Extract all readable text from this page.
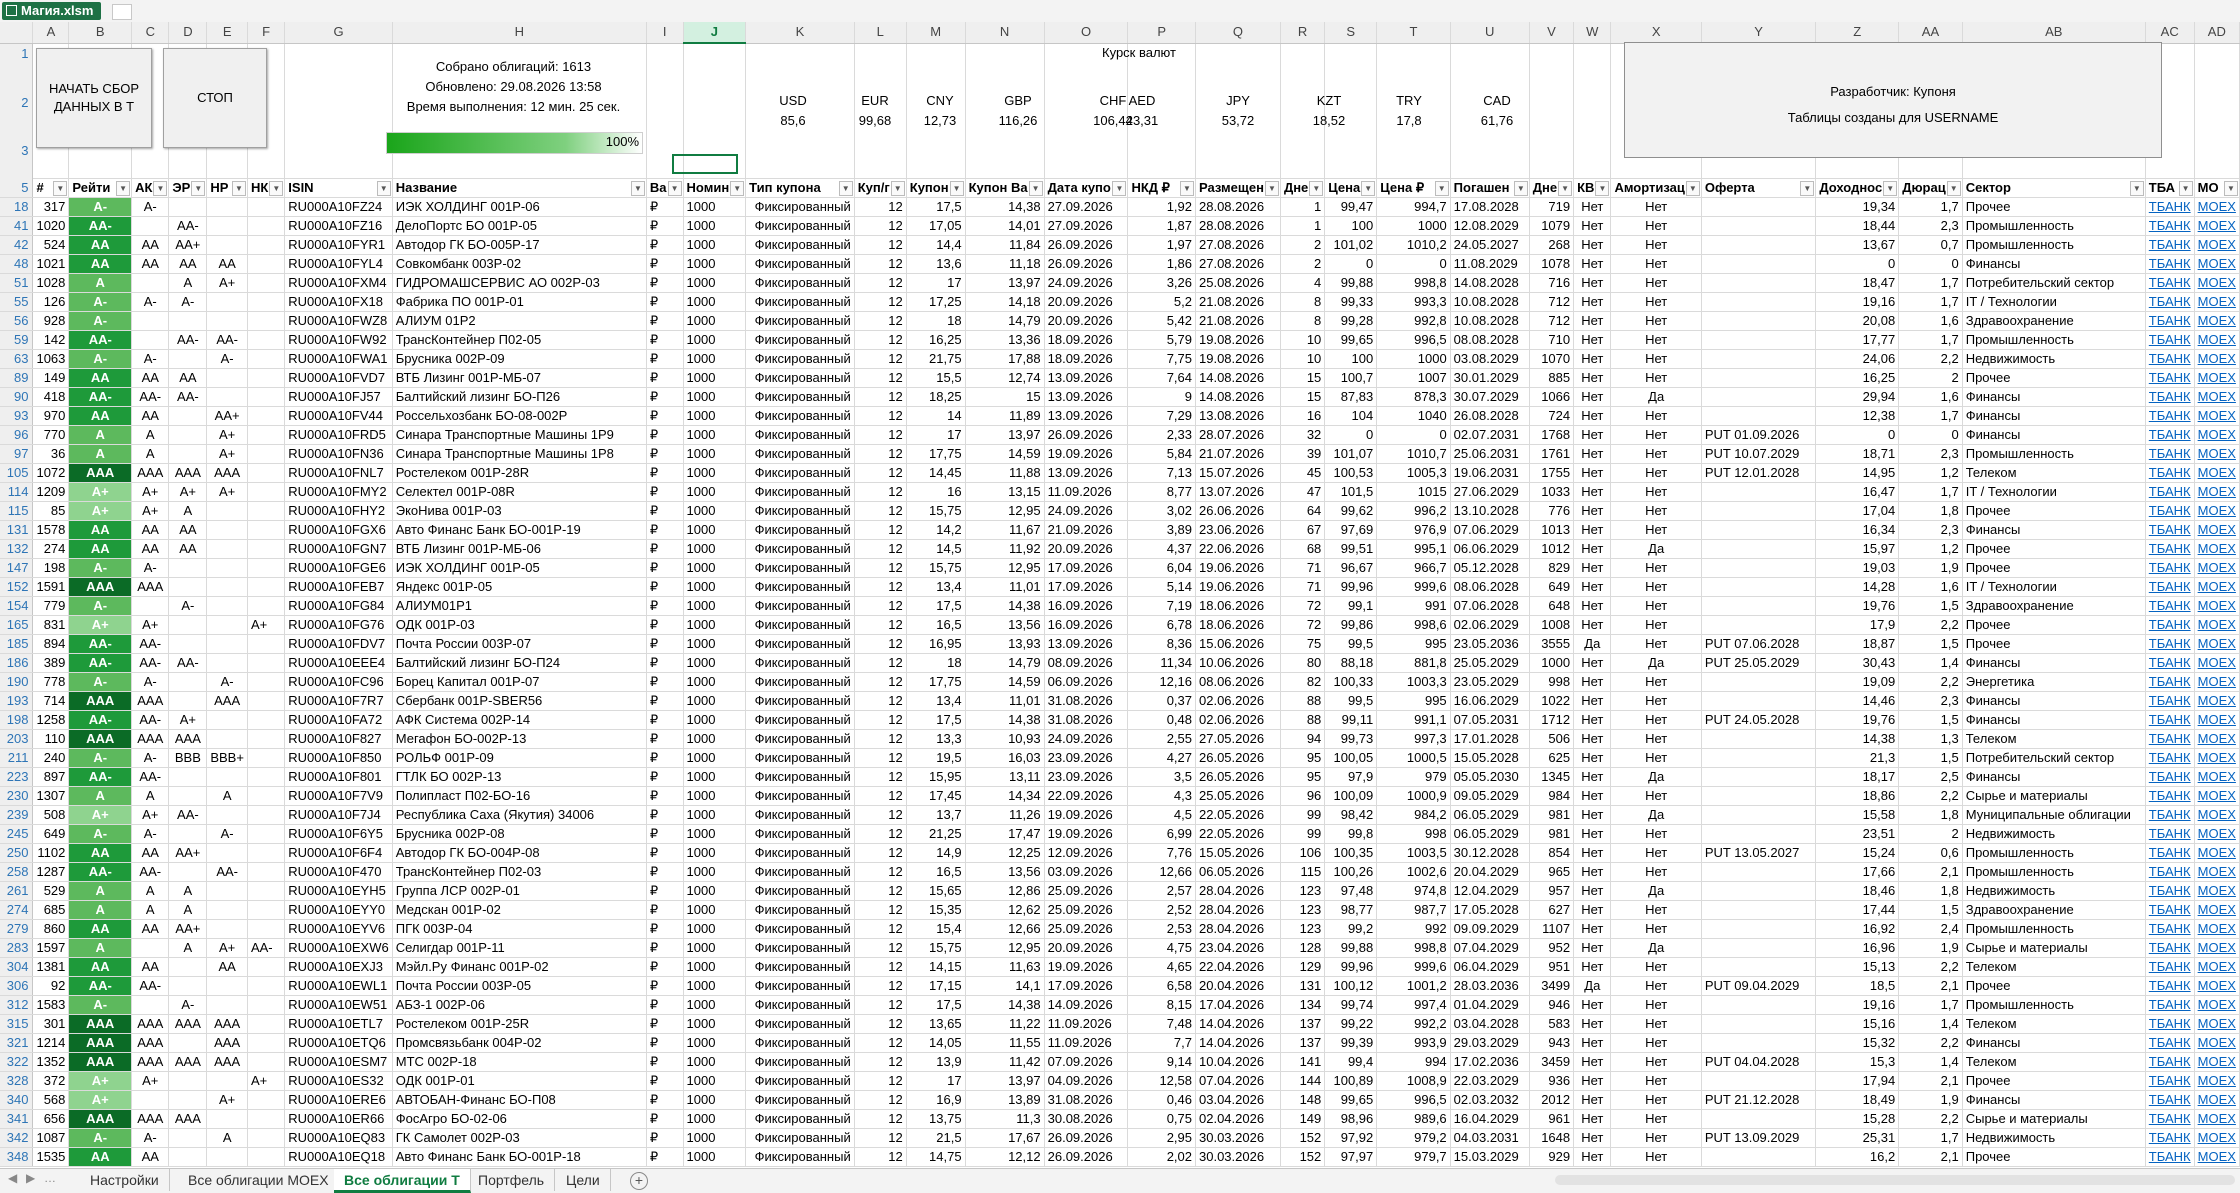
Магия.xlsm
	A	B	C	D	E	F	G	H	I	J	K	L	M	N	O	P	Q	R	S	T	U	V	W	X	Y	Z	AA	AB	AC	AD
1																														
2																														
3																														

5	# ▼	Рейти ▼	АК ▼	ЭР ▼	НР ▼	НК ▼	ISIN ▼	Название ▼	Ва ▼	Номин ▼	Тип купона ▼	Куп/г ▼	Купон ▼	Купон Ва ▼	Дата купо ▼	НКД ₽ ▼	Размещен ▼	Дне ▼	Цена ▼	Цена ₽ ▼	Погашен ▼	Дне ▼	КВ ▼	Амортизац ▼	Оферта ▼	Доходнос ▼	Дюрац ▼	Сектор ▼	ТБА ▼	МО ▼

18	317	A-	A-				RU000A10FZ24	ИЭК ХОЛДИНГ 001P-06	₽	1000	Фиксированный	12	17,5	14,38	27.09.2026	1,92	28.08.2026	1	99,47	994,7	17.08.2028	719	Нет	Нет		19,34	1,7	Прочее	ТБАНК	MOEX
41	1020	AA-		AA-			RU000A10FZ16	ДелоПортс БО 001P-05	₽	1000	Фиксированный	12	17,05	14,01	27.09.2026	1,87	28.08.2026	1	100	1000	12.08.2029	1079	Нет	Нет		18,44	2,3	Промышленность	ТБАНК	MOEX
42	524	AA	AA	AA+			RU000A10FYR1	Автодор ГК БО-005P-17	₽	1000	Фиксированный	12	14,4	11,84	26.09.2026	1,97	27.08.2026	2	101,02	1010,2	24.05.2027	268	Нет	Нет		13,67	0,7	Промышленность	ТБАНК	MOEX
48	1021	AA	AA	AA	AA		RU000A10FYL4	Совкомбанк 003P-02	₽	1000	Фиксированный	12	13,6	11,18	26.09.2026	1,86	27.08.2026	2	0	0	11.08.2029	1078	Нет	Нет		0	0	Финансы	ТБАНК	MOEX
51	1028	A		A	A+		RU000A10FXM4	ГИДРОМАШСЕРВИС АО 002P-03	₽	1000	Фиксированный	12	17	13,97	24.09.2026	3,26	25.08.2026	4	99,88	998,8	14.08.2028	716	Нет	Нет		18,47	1,7	Потребительский сектор	ТБАНК	MOEX
55	126	A-	A-	A-			RU000A10FX18	Фабрика ПО 001P-01	₽	1000	Фиксированный	12	17,25	14,18	20.09.2026	5,2	21.08.2026	8	99,33	993,3	10.08.2028	712	Нет	Нет		19,16	1,7	IT / Технологии	ТБАНК	MOEX
56	928	A-					RU000A10FWZ8	АЛИУМ 01P2	₽	1000	Фиксированный	12	18	14,79	20.09.2026	5,42	21.08.2026	8	99,28	992,8	10.08.2028	712	Нет	Нет		20,08	1,6	Здравоохранение	ТБАНК	MOEX
59	142	AA-		AA-	AA-		RU000A10FW92	ТрансКонтейнер П02-05	₽	1000	Фиксированный	12	16,25	13,36	18.09.2026	5,79	19.08.2026	10	99,65	996,5	08.08.2028	710	Нет	Нет		17,77	1,7	Промышленность	ТБАНК	MOEX
63	1063	A-	A-		A-		RU000A10FWA1	Брусника 002P-09	₽	1000	Фиксированный	12	21,75	17,88	18.09.2026	7,75	19.08.2026	10	100	1000	03.08.2029	1070	Нет	Нет		24,06	2,2	Недвижимость	ТБАНК	MOEX
89	149	AA	AA	AA			RU000A10FVD7	ВТБ Лизинг 001P-МБ-07	₽	1000	Фиксированный	12	15,5	12,74	13.09.2026	7,64	14.08.2026	15	100,7	1007	30.01.2029	885	Нет	Нет		16,25	2	Прочее	ТБАНК	MOEX
90	418	AA-	AA-	AA-			RU000A10FJ57	Балтийский лизинг БО-П26	₽	1000	Фиксированный	12	18,25	15	13.09.2026	9	14.08.2026	15	87,83	878,3	30.07.2029	1066	Нет	Да		29,94	1,6	Финансы	ТБАНК	MOEX
93	970	AA	AA		AA+		RU000A10FV44	Россельхозбанк БО-08-002P	₽	1000	Фиксированный	12	14	11,89	13.09.2026	7,29	13.08.2026	16	104	1040	26.08.2028	724	Нет	Нет		12,38	1,7	Финансы	ТБАНК	MOEX
96	770	A	A		A+		RU000A10FRD5	Синара Транспортные Машины 1P9	₽	1000	Фиксированный	12	17	13,97	26.09.2026	2,33	28.07.2026	32	0	0	02.07.2031	1768	Нет	Нет	PUT 01.09.2026	0	0	Финансы	ТБАНК	MOEX
97	36	A	A		A+		RU000A10FN36	Синара Транспортные Машины 1P8	₽	1000	Фиксированный	12	17,75	14,59	19.09.2026	5,84	21.07.2026	39	101,07	1010,7	25.06.2031	1761	Нет	Нет	PUT 10.07.2029	18,71	2,3	Промышленность	ТБАНК	MOEX
105	1072	AAA	AAA	AAA	AAA		RU000A10FNL7	Ростелеком 001P-28R	₽	1000	Фиксированный	12	14,45	11,88	13.09.2026	7,13	15.07.2026	45	100,53	1005,3	19.06.2031	1755	Нет	Нет	PUT 12.01.2028	14,95	1,2	Телеком	ТБАНК	MOEX
114	1209	A+	A+	A+	A+		RU000A10FMY2	Селектел 001P-08R	₽	1000	Фиксированный	12	16	13,15	11.09.2026	8,77	13.07.2026	47	101,5	1015	27.06.2029	1033	Нет	Нет		16,47	1,7	IT / Технологии	ТБАНК	MOEX
115	85	A+	A+	A			RU000A10FHY2	ЭкоНива 001P-03	₽	1000	Фиксированный	12	15,75	12,95	24.09.2026	3,02	26.06.2026	64	99,62	996,2	13.10.2028	776	Нет	Нет		17,04	1,8	Прочее	ТБАНК	MOEX
131	1578	AA	AA	AA			RU000A10FGX6	Авто Финанс Банк БО-001P-19	₽	1000	Фиксированный	12	14,2	11,67	21.09.2026	3,89	23.06.2026	67	97,69	976,9	07.06.2029	1013	Нет	Нет		16,34	2,3	Финансы	ТБАНК	MOEX
132	274	AA	AA	AA			RU000A10FGN7	ВТБ Лизинг 001P-МБ-06	₽	1000	Фиксированный	12	14,5	11,92	20.09.2026	4,37	22.06.2026	68	99,51	995,1	06.06.2029	1012	Нет	Да		15,97	1,2	Прочее	ТБАНК	MOEX
147	198	A-	A-				RU000A10FGE6	ИЭК ХОЛДИНГ 001P-05	₽	1000	Фиксированный	12	15,75	12,95	17.09.2026	6,04	19.06.2026	71	96,67	966,7	05.12.2028	829	Нет	Нет		19,03	1,9	Прочее	ТБАНК	MOEX
152	1591	AAA	AAA				RU000A10FEB7	Яндекс 001P-05	₽	1000	Фиксированный	12	13,4	11,01	17.09.2026	5,14	19.06.2026	71	99,96	999,6	08.06.2028	649	Нет	Нет		14,28	1,6	IT / Технологии	ТБАНК	MOEX
154	779	A-		A-			RU000A10FG84	АЛИУМ01P1	₽	1000	Фиксированный	12	17,5	14,38	16.09.2026	7,19	18.06.2026	72	99,1	991	07.06.2028	648	Нет	Нет		19,76	1,5	Здравоохранение	ТБАНК	MOEX
165	831	A+	A+			A+	RU000A10FG76	ОДК 001P-03	₽	1000	Фиксированный	12	16,5	13,56	16.09.2026	6,78	18.06.2026	72	99,86	998,6	02.06.2029	1008	Нет	Нет		17,9	2,2	Прочее	ТБАНК	MOEX
185	894	AA-	AA-				RU000A10FDV7	Почта России 003P-07	₽	1000	Фиксированный	12	16,95	13,93	13.09.2026	8,36	15.06.2026	75	99,5	995	23.05.2036	3555	Да	Нет	PUT 07.06.2028	18,87	1,5	Прочее	ТБАНК	MOEX
186	389	AA-	AA-	AA-			RU000A10EEE4	Балтийский лизинг БО-П24	₽	1000	Фиксированный	12	18	14,79	08.09.2026	11,34	10.06.2026	80	88,18	881,8	25.05.2029	1000	Нет	Да	PUT 25.05.2029	30,43	1,4	Финансы	ТБАНК	MOEX
190	778	A-	A-		A-		RU000A10FC96	Борец Капитал 001P-07	₽	1000	Фиксированный	12	17,75	14,59	06.09.2026	12,16	08.06.2026	82	100,33	1003,3	23.05.2029	998	Нет	Нет		19,09	2,2	Энергетика	ТБАНК	MOEX
193	714	AAA	AAA		AAA		RU000A10F7R7	Сбербанк 001P-SBER56	₽	1000	Фиксированный	12	13,4	11,01	31.08.2026	0,37	02.06.2026	88	99,5	995	16.06.2029	1022	Нет	Нет		14,46	2,3	Финансы	ТБАНК	MOEX
198	1258	AA-	AA-	A+			RU000A10FA72	АФК Система 002P-14	₽	1000	Фиксированный	12	17,5	14,38	31.08.2026	0,48	02.06.2026	88	99,11	991,1	07.05.2031	1712	Нет	Нет	PUT 24.05.2028	19,76	1,5	Финансы	ТБАНК	MOEX
203	110	AAA	AAA	AAA			RU000A10F827	Мегафон БО-002P-13	₽	1000	Фиксированный	12	13,3	10,93	24.09.2026	2,55	27.05.2026	94	99,73	997,3	17.01.2028	506	Нет	Нет		14,38	1,3	Телеком	ТБАНК	MOEX
211	240	A-	A-	BBB	BBB+		RU000A10F850	РОЛЬФ 001P-09	₽	1000	Фиксированный	12	19,5	16,03	23.09.2026	4,27	26.05.2026	95	100,05	1000,5	15.05.2028	625	Нет	Нет		21,3	1,5	Потребительский сектор	ТБАНК	MOEX
223	897	AA-	AA-				RU000A10F801	ГТЛК БО 002P-13	₽	1000	Фиксированный	12	15,95	13,11	23.09.2026	3,5	26.05.2026	95	97,9	979	05.05.2030	1345	Нет	Да		18,17	2,5	Финансы	ТБАНК	MOEX
230	1307	A	A		A		RU000A10F7V9	Полипласт П02-БО-16	₽	1000	Фиксированный	12	17,45	14,34	22.09.2026	4,3	25.05.2026	96	100,09	1000,9	09.05.2029	984	Нет	Нет		18,86	2,2	Сырье и материалы	ТБАНК	MOEX
239	508	A+	A+	AA-			RU000A10F7J4	Республика Саха (Якутия) 34006	₽	1000	Фиксированный	12	13,7	11,26	19.09.2026	4,5	22.05.2026	99	98,42	984,2	06.05.2029	981	Нет	Да		15,58	1,8	Муниципальные облигации	ТБАНК	MOEX
245	649	A-	A-		A-		RU000A10F6Y5	Брусника 002P-08	₽	1000	Фиксированный	12	21,25	17,47	19.09.2026	6,99	22.05.2026	99	99,8	998	06.05.2029	981	Нет	Нет		23,51	2	Недвижимость	ТБАНК	MOEX
250	1102	AA	AA	AA+			RU000A10F6F4	Автодор ГК БО-004P-08	₽	1000	Фиксированный	12	14,9	12,25	12.09.2026	7,76	15.05.2026	106	100,35	1003,5	30.12.2028	854	Нет	Нет	PUT 13.05.2027	15,24	0,6	Промышленность	ТБАНК	MOEX
258	1287	AA-	AA-		AA-		RU000A10F470	ТрансКонтейнер П02-03	₽	1000	Фиксированный	12	16,5	13,56	03.09.2026	12,66	06.05.2026	115	100,26	1002,6	20.04.2029	965	Нет	Нет		17,66	2,1	Промышленность	ТБАНК	MOEX
261	529	A	A	A			RU000A10EYH5	Группа ЛСР 002P-01	₽	1000	Фиксированный	12	15,65	12,86	25.09.2026	2,57	28.04.2026	123	97,48	974,8	12.04.2029	957	Нет	Да		18,46	1,8	Недвижимость	ТБАНК	MOEX
274	685	A	A	A			RU000A10EYY0	Медскан 001P-02	₽	1000	Фиксированный	12	15,35	12,62	25.09.2026	2,52	28.04.2026	123	98,77	987,7	17.05.2028	627	Нет	Нет		17,44	1,5	Здравоохранение	ТБАНК	MOEX
279	860	AA	AA	AA+			RU000A10EYV6	ПГК 003P-04	₽	1000	Фиксированный	12	15,4	12,66	25.09.2026	2,53	28.04.2026	123	99,2	992	09.09.2029	1107	Нет	Нет		16,92	2,4	Промышленность	ТБАНК	MOEX
283	1597	A		A	A+	AA-	RU000A10EXW6	Селигдар 001P-11	₽	1000	Фиксированный	12	15,75	12,95	20.09.2026	4,75	23.04.2026	128	99,88	998,8	07.04.2029	952	Нет	Да		16,96	1,9	Сырье и материалы	ТБАНК	MOEX
304	1381	AA	AA		AA		RU000A10EXJ3	Мэйл.Ру Финанс 001P-02	₽	1000	Фиксированный	12	14,15	11,63	19.09.2026	4,65	22.04.2026	129	99,96	999,6	06.04.2029	951	Нет	Нет		15,13	2,2	Телеком	ТБАНК	MOEX
306	92	AA-	AA-				RU000A10EWL1	Почта России 003P-05	₽	1000	Фиксированный	12	17,15	14,1	17.09.2026	6,58	20.04.2026	131	100,12	1001,2	28.03.2036	3499	Да	Нет	PUT 09.04.2029	18,5	2,1	Прочее	ТБАНК	MOEX
312	1583	A-		A-			RU000A10EW51	АБЗ-1 002P-06	₽	1000	Фиксированный	12	17,5	14,38	14.09.2026	8,15	17.04.2026	134	99,74	997,4	01.04.2029	946	Нет	Нет		19,16	1,7	Промышленность	ТБАНК	MOEX
315	301	AAA	AAA	AAA	AAA		RU000A10ETL7	Ростелеком 001P-25R	₽	1000	Фиксированный	12	13,65	11,22	11.09.2026	7,48	14.04.2026	137	99,22	992,2	03.04.2028	583	Нет	Нет		15,16	1,4	Телеком	ТБАНК	MOEX
321	1214	AAA	AAA		AAA		RU000A10ETQ6	Промсвязьбанк 004P-02	₽	1000	Фиксированный	12	14,05	11,55	11.09.2026	7,7	14.04.2026	137	99,39	993,9	29.03.2029	943	Нет	Нет		15,32	2,2	Финансы	ТБАНК	MOEX
322	1352	AAA	AAA	AAA	AAA		RU000A10ESM7	МТС 002P-18	₽	1000	Фиксированный	12	13,9	11,42	07.09.2026	9,14	10.04.2026	141	99,4	994	17.02.2036	3459	Нет	Нет	PUT 04.04.2028	15,3	1,4	Телеком	ТБАНК	MOEX
328	372	A+	A+			A+	RU000A10ES32	ОДК 001P-01	₽	1000	Фиксированный	12	17	13,97	04.09.2026	12,58	07.04.2026	144	100,89	1008,9	22.03.2029	936	Нет	Нет		17,94	2,1	Прочее	ТБАНК	MOEX
340	568	A+			A+		RU000A10ERE6	АВТОБАН-Финанс БО-П08	₽	1000	Фиксированный	12	16,9	13,89	31.08.2026	0,46	03.04.2026	148	99,65	996,5	02.03.2032	2012	Нет	Нет	PUT 21.12.2028	18,49	1,9	Финансы	ТБАНК	MOEX
341	656	AAA	AAA	AAA			RU000A10ER66	ФосАгро БО-02-06	₽	1000	Фиксированный	12	13,75	11,3	30.08.2026	0,75	02.04.2026	149	98,96	989,6	16.04.2029	961	Нет	Нет		15,28	2,2	Сырье и материалы	ТБАНК	MOEX
342	1087	A-	A-		A		RU000A10EQ83	ГК Самолет 002P-03	₽	1000	Фиксированный	12	21,5	17,67	26.09.2026	2,95	30.03.2026	152	97,92	979,2	04.03.2031	1648	Нет	Нет	PUT 13.09.2029	25,31	1,7	Недвижимость	ТБАНК	MOEX
348	1535	AA	AA				RU000A10EQ18	Авто Финанс Банк БО-001P-18	₽	1000	Фиксированный	12	14,75	12,12	26.09.2026	2,02	30.03.2026	152	97,97	979,7	15.03.2029	929	Нет	Нет		16,2	2,1	Прочее	ТБАНК	MOEX
НАЧАТЬ СБОР ДАННЫХ В Т
СТОП
Собрано облигаций: 1613
Обновлено: 29.08.2026 13:58
Время выполнения: 12 мин. 25 сек.
100%
Курск валют
USD
85,6
EUR
99,68
CNY
12,73
GBP
116,26
CHF
106,44
AED
23,31
JPY
53,72
KZT
18,52
TRY
17,8
CAD
61,76
Разработчик: Купоня
Таблицы созданы для USERNAME
◀ ▶ …	Настройки	Все облигации MOEX	Все облигации Т	Портфель	Цели	+
